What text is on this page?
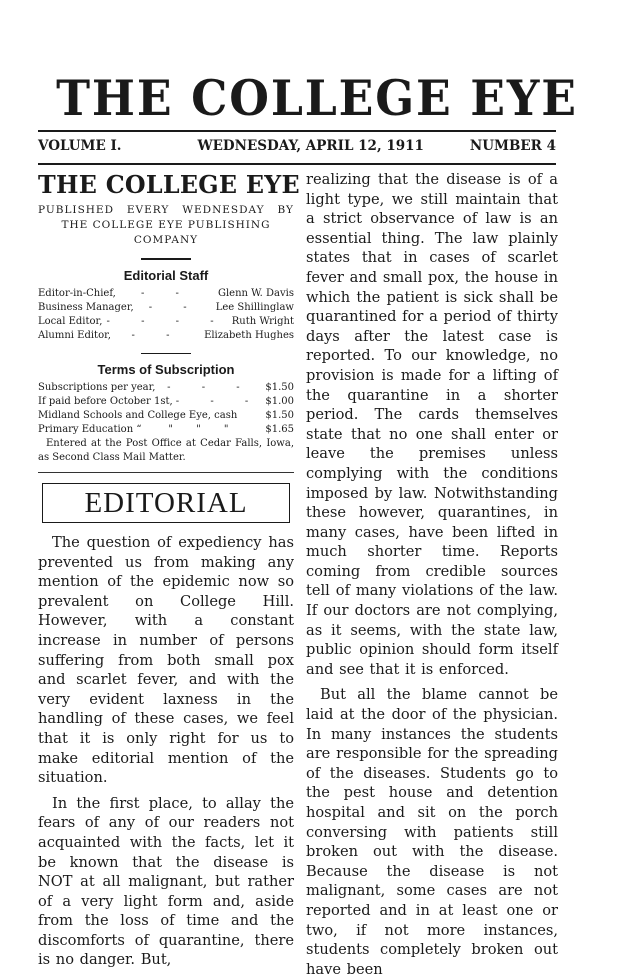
THE COLLEGE EYE
VOLUME I.	WEDNESDAY, APRIL 12, 1911	NUMBER 4
THE COLLEGE EYE
PUBLISHED EVERY WEDNESDAY BY
THE COLLEGE EYE PUBLISHING
COMPANY
Editorial Staff
Editor-in-Chief,	- -	Glenn W. Davis
Business Manager,	- -	Lee Shillinglaw
Local Editor, - - - - Ruth Wright
Alumni Editor,	- -	Elizabeth Hughes
Terms of Subscription
Subscriptions per year,	- - -	$1.50
If paid before October 1st, - - - $1.00
Midland Schools and College Eye, cash	$1.50
Primary Education “	" " "	$1.65
Entered at the Post Office at Cedar Falls, Iowa, as Second Class Mail Matter.
EDITORIAL

The question of expediency has prevented us from making any mention of the epidemic now so prevalent on College Hill. However, with a constant increase in number of persons suffering from both small pox and scarlet fever, and with the very evident laxness in the handling of these cases, we feel that it is only right for us to make editorial mention of the situation.

In the first place, to allay the fears of any of our readers not acquainted with the facts, let it be known that the disease is NOT at all malignant, but rather of a very light form and, aside from the loss of time and the discomforts of quarantine, there is no danger. But,

realizing that the disease is of a light type, we still maintain that a strict observance of law is an essential thing. The law plainly states that in cases of scarlet fever and small pox, the house in which the patient is sick shall be quarantined for a period of thirty days after the latest case is reported. To our knowledge, no provision is made for a lifting of the quarantine in a shorter period. The cards themselves state that no one shall enter or leave the premises unless complying with the conditions imposed by law. Notwithstanding these however, quarantines, in many cases, have been lifted in much shorter time. Reports coming from credible sources tell of many violations of the law. If our doctors are not complying, as it seems, with the state law, public opinion should form itself and see that it is enforced.

But all the blame cannot be laid at the door of the physician. In many instances the students are responsible for the spreading of the diseases. Students go to the pest house and detention hospital and sit on the porch conversing with patients still broken out with the disease. Because the disease is not malignant, some cases are not reported and in at least one or two, if not more instances, students completely broken out have been
